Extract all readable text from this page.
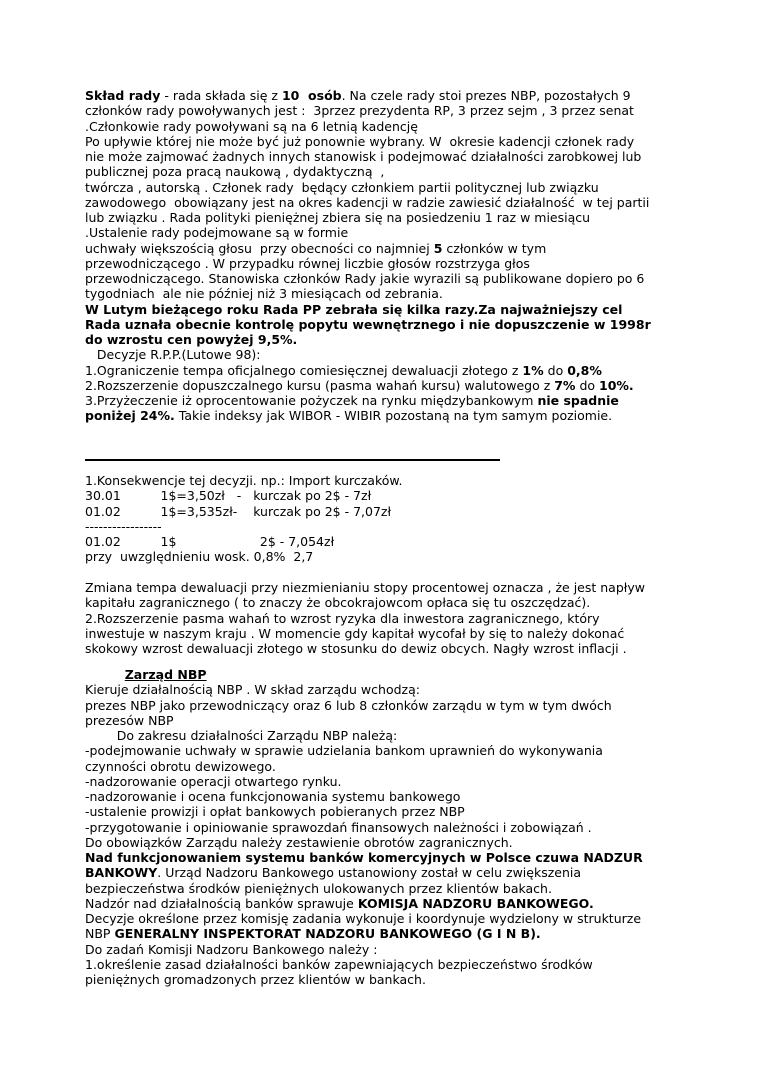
Skład rady - rada składa się z 10  osób. Na czele rady stoi prezes NBP, pozostałych 9
członków rady powoływanych jest :  3przez prezydenta RP, 3 przez sejm , 3 przez senat
.Członkowie rady powoływani są na 6 letnią kadencję
Po upływie której nie może być już ponownie wybrany. W  okresie kadencji członek rady
nie może zajmować żadnych innych stanowisk i podejmować działalności zarobkowej lub
publicznej poza pracą naukową , dydaktyczną  ,
twórcza , autorską . Członek rady  będący członkiem partii politycznej lub związku
zawodowego  obowiązany jest na okres kadencji w radzie zawiesić działalność  w tej partii
lub związku . Rada polityki pieniężnej zbiera się na posiedzeniu 1 raz w miesiącu
.Ustalenie rady podejmowane są w formie
uchwały większością głosu  przy obecności co najmniej 5 członków w tym
przewodniczącego . W przypadku równej liczbie głosów rozstrzyga głos
przewodniczącego. Stanowiska członków Rady jakie wyrazili są publikowane dopiero po 6
tygodniach  ale nie później niż 3 miesiącach od zebrania.
W Lutym bieżącego roku Rada PP zebrała się kilka razy.Za najważniejszy cel
Rada uznała obecnie kontrolę popytu wewnętrznego i nie dopuszczenie w 1998r
do wzrostu cen powyżej 9,5%.
Decyzje R.P.P.(Lutowe 98):
1.Ograniczenie tempa oficjalnego comiesięcznej dewaluacji złotego z 1% do 0,8%
2.Rozszerzenie dopuszczalnego kursu (pasma wahań kursu) walutowego z 7% do 10%.
3.Przyżeczenie iż oprocentowanie pożyczek na rynku międzybankowym nie spadnie
poniżej 24%. Takie indeksy jak WIBOR - WIBIR pozostaną na tym samym poziomie.
1.Konsekwencje tej decyzji. np.: Import kurczaków.
30.01          1$=3,50zł   -   kurczak po 2$ - 7zł
01.02          1$=3,535zł-    kurczak po 2$ - 7,07zł
-----------------
01.02          1$                     2$ - 7,054zł
przy  uwzględnieniu wosk. 0,8%  2,7
Zmiana tempa dewaluacji przy niezmienianiu stopy procentowej oznacza , że jest napływ
kapitału zagranicznego ( to znaczy że obcokrajowcom opłaca się tu oszczędzać).
2.Rozszerzenie pasma wahań to wzrost ryzyka dla inwestora zagranicznego, który
inwestuje w naszym kraju . W momencie gdy kapitał wycofał by się to należy dokonać
skokowy wzrost dewaluacji złotego w stosunku do dewiz obcych. Nagły wzrost inflacji .
Zarząd NBP
Kieruje działalnością NBP . W skład zarządu wchodzą:
prezes NBP jako przewodniczący oraz 6 lub 8 członków zarządu w tym w tym dwóch
prezesów NBP
Do zakresu działalności Zarządu NBP należą:
-podejmowanie uchwały w sprawie udzielania bankom uprawnień do wykonywania
czynności obrotu dewizowego.
-nadzorowanie operacji otwartego rynku.
-nadzorowanie i ocena funkcjonowania systemu bankowego
-ustalenie prowizji i opłat bankowych pobieranych przez NBP
-przygotowanie i opiniowanie sprawozdań finansowych należności i zobowiązań .
Do obowiązków Zarządu należy zestawienie obrotów zagranicznych.
Nad funkcjonowaniem systemu banków komercyjnych w Polsce czuwa NADZUR
BANKOWY. Urząd Nadzoru Bankowego ustanowiony został w celu zwiększenia
bezpieczeństwa środków pieniężnych ulokowanych przez klientów bakach.
Nadzór nad działalnością banków sprawuje KOMISJA NADZORU BANKOWEGO.
Decyzje określone przez komisję zadania wykonuje i koordynuje wydzielony w strukturze
NBP GENERALNY INSPEKTORAT NADZORU BANKOWEGO (G I N B).
Do zadań Komisji Nadzoru Bankowego należy :
1.określenie zasad działalności banków zapewniających bezpieczeństwo środków
pieniężnych gromadzonych przez klientów w bankach.
